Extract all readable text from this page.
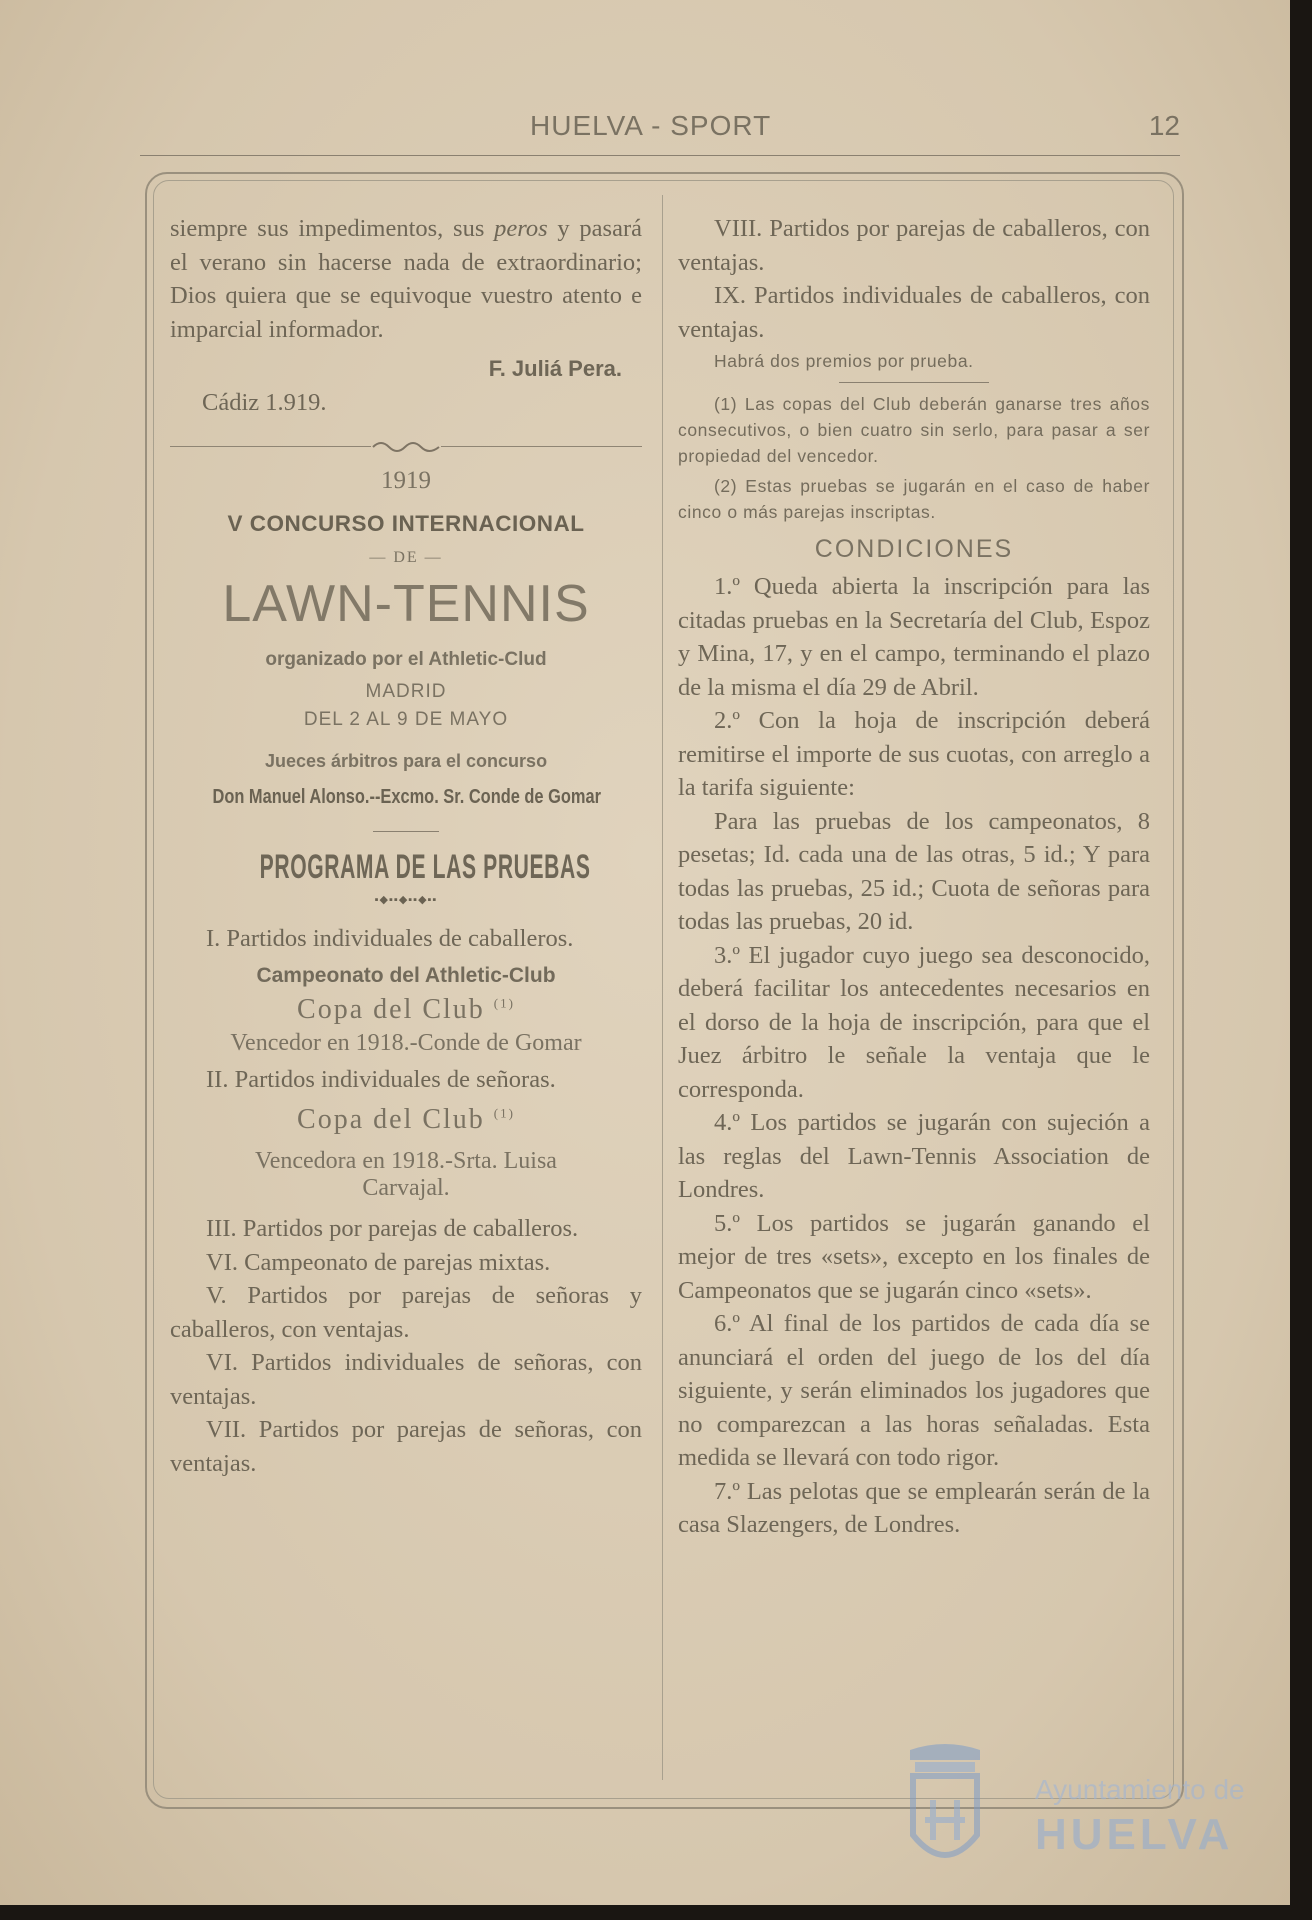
HUELVA - SPORT	12

siempre sus impedimentos, sus peros y pasará el verano sin hacerse nada de extraordinario; Dios quiera que se equivoque vuestro atento e imparcial informador.

F. Juliá Pera.

Cádiz 1.919.

1919

V CONCURSO INTERNACIONAL

— DE —

LAWN-TENNIS

organizado por el Athletic-Clud

MADRID

DEL 2 AL 9 DE MAYO

Jueces árbitros para el concurso

Don Manuel Alonso.--Excmo. Sr. Conde de Gomar

PROGRAMA DE LAS PRUEBAS

▪◆▪▪◆▪▪◆▪▪

I. Partidos individuales de caballeros.

Campeonato del Athletic-Club

Copa del Club $^{(1)}$

Vencedor en 1918.-Conde de Gomar

II. Partidos individuales de señoras.

Copa del Club $^{(1)}$

Vencedora en 1918.-Srta. Luisa

Carvajal.

III. Partidos por parejas de caballeros.

VI. Campeonato de parejas mixtas.

V. Partidos por parejas de señoras y caballeros, con ventajas.

VI. Partidos individuales de señoras, con ventajas.

VII. Partidos por parejas de señoras, con ventajas.

VIII. Partidos por parejas de caballeros, con ventajas.

IX. Partidos individuales de caballeros, con ventajas.

Habrá dos premios por prueba.

(1) Las copas del Club deberán ganarse tres años consecutivos, o bien cuatro sin serlo, para pasar a ser propiedad del vencedor.

(2) Estas pruebas se jugarán en el caso de haber cinco o más parejas inscriptas.

CONDICIONES

1.º Queda abierta la inscripción para las citadas pruebas en la Secretaría del Club, Espoz y Mina, 17, y en el campo, terminando el plazo de la misma el día 29 de Abril.

2.º Con la hoja de inscripción deberá remitirse el importe de sus cuotas, con arreglo a la tarifa siguiente:

Para las pruebas de los campeonatos, 8 pesetas; Id. cada una de las otras, 5 id.; Y para todas las pruebas, 25 id.; Cuota de señoras para todas las pruebas, 20 id.

3.º El jugador cuyo juego sea desconocido, deberá facilitar los antecedentes necesarios en el dorso de la hoja de inscripción, para que el Juez árbitro le señale la ventaja que le corresponda.

4.º Los partidos se jugarán con sujeción a las reglas del Lawn-Tennis Association de Londres.

5.º Los partidos se jugarán ganando el mejor de tres «sets», excepto en los finales de Campeonatos que se jugarán cinco «sets».

6.º Al final de los partidos de cada día se anunciará el orden del juego de los del día siguiente, y serán eliminados los jugadores que no comparezcan a las horas señaladas. Esta medida se llevará con todo rigor.

7.º Las pelotas que se emplearán serán de la casa Slazengers, de Londres.

Ayuntamiento de
HUELVA
